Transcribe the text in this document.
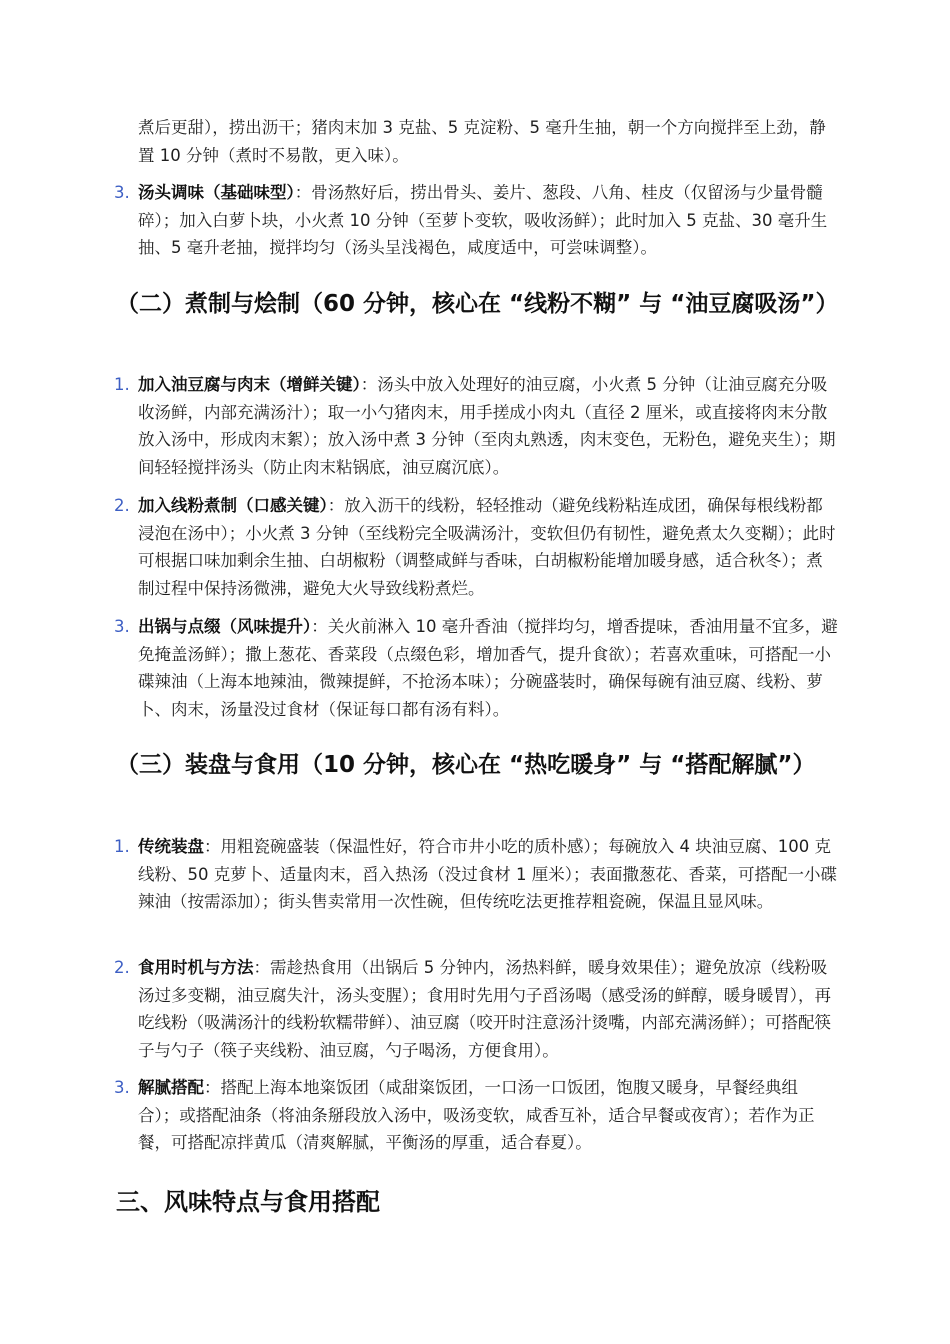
煮后更甜），捞出沥干；猪肉末加 3 克盐、5 克淀粉、5 毫升生抽，朝一个方向搅拌至上劲，静置 10 分钟（煮时不易散，更入味）。

3. 汤头调味（基础味型）：骨汤熬好后，捞出骨头、姜片、葱段、八角、桂皮（仅留汤与少量骨髓碎）；加入白萝卜块，小火煮 10 分钟（至萝卜变软，吸收汤鲜）；此时加入 5 克盐、30 毫升生抽、5 毫升老抽，搅拌均匀（汤头呈浅褐色，咸度适中，可尝味调整）。

（二）煮制与烩制（60 分钟，核心在 “线粉不糊” 与 “油豆腐吸汤”）
1. 加入油豆腐与肉末（增鲜关键）：汤头中放入处理好的油豆腐，小火煮 5 分钟（让油豆腐充分吸收汤鲜，内部充满汤汁）；取一小勺猪肉末，用手搓成小肉丸（直径 2 厘米，或直接将肉末分散放入汤中，形成肉末絮）；放入汤中煮 3 分钟（至肉丸熟透，肉末变色，无粉色，避免夹生）；期间轻轻搅拌汤头（防止肉末粘锅底，油豆腐沉底）。

2. 加入线粉煮制（口感关键）：放入沥干的线粉，轻轻推动（避免线粉粘连成团，确保每根线粉都浸泡在汤中）；小火煮 3 分钟（至线粉完全吸满汤汁，变软但仍有韧性，避免煮太久变糊）；此时可根据口味加剩余生抽、白胡椒粉（调整咸鲜与香味，白胡椒粉能增加暖身感，适合秋冬）；煮制过程中保持汤微沸，避免大火导致线粉煮烂。

3. 出锅与点缀（风味提升）：关火前淋入 10 毫升香油（搅拌均匀，增香提味，香油用量不宜多，避免掩盖汤鲜）；撒上葱花、香菜段（点缀色彩，增加香气，提升食欲）；若喜欢重味，可搭配一小碟辣油（上海本地辣油，微辣提鲜，不抢汤本味）；分碗盛装时，确保每碗有油豆腐、线粉、萝卜、肉末，汤量没过食材（保证每口都有汤有料）。

（三）装盘与食用（10 分钟，核心在 “热吃暖身” 与 “搭配解腻”）
1. 传统装盘：用粗瓷碗盛装（保温性好，符合市井小吃的质朴感）；每碗放入 4 块油豆腐、100 克线粉、50 克萝卜、适量肉末，舀入热汤（没过食材 1 厘米）；表面撒葱花、香菜，可搭配一小碟辣油（按需添加）；街头售卖常用一次性碗，但传统吃法更推荐粗瓷碗，保温且显风味。

2. 食用时机与方法：需趁热食用（出锅后 5 分钟内，汤热料鲜，暖身效果佳）；避免放凉（线粉吸汤过多变糊，油豆腐失汁，汤头变腥）；食用时先用勺子舀汤喝（感受汤的鲜醇，暖身暖胃），再吃线粉（吸满汤汁的线粉软糯带鲜）、油豆腐（咬开时注意汤汁烫嘴，内部充满汤鲜）；可搭配筷子与勺子（筷子夹线粉、油豆腐，勺子喝汤，方便食用）。

3. 解腻搭配：搭配上海本地粢饭团（咸甜粢饭团，一口汤一口饭团，饱腹又暖身，早餐经典组合）；或搭配油条（将油条掰段放入汤中，吸汤变软，咸香互补，适合早餐或夜宵）；若作为正餐，可搭配凉拌黄瓜（清爽解腻，平衡汤的厚重，适合春夏）。

三、风味特点与食用搭配
